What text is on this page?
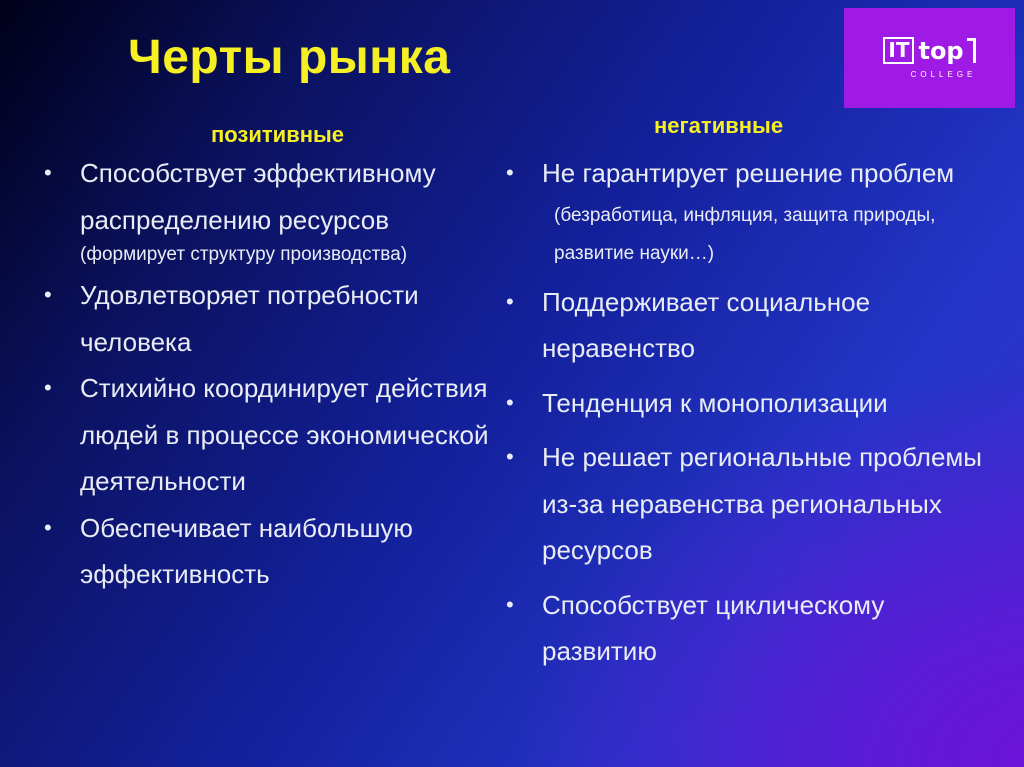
Черты рынка	IT top
COLLEGE
позитивные	негативные
• Способствует эффективному распределению ресурсов
(формирует структуру производства)
• Удовлетворяет потребности человека
• Стихийно координирует действия людей в процессе экономической деятельности
• Обеспечивает наибольшую эффективность
• Не гарантирует решение проблем
(безработица, инфляция, защита природы, развитие науки…)
• Поддерживает социальное неравенство
• Тенденция к монополизации
• Не решает региональные проблемы из-за неравенства региональных ресурсов
• Способствует циклическому развитию
